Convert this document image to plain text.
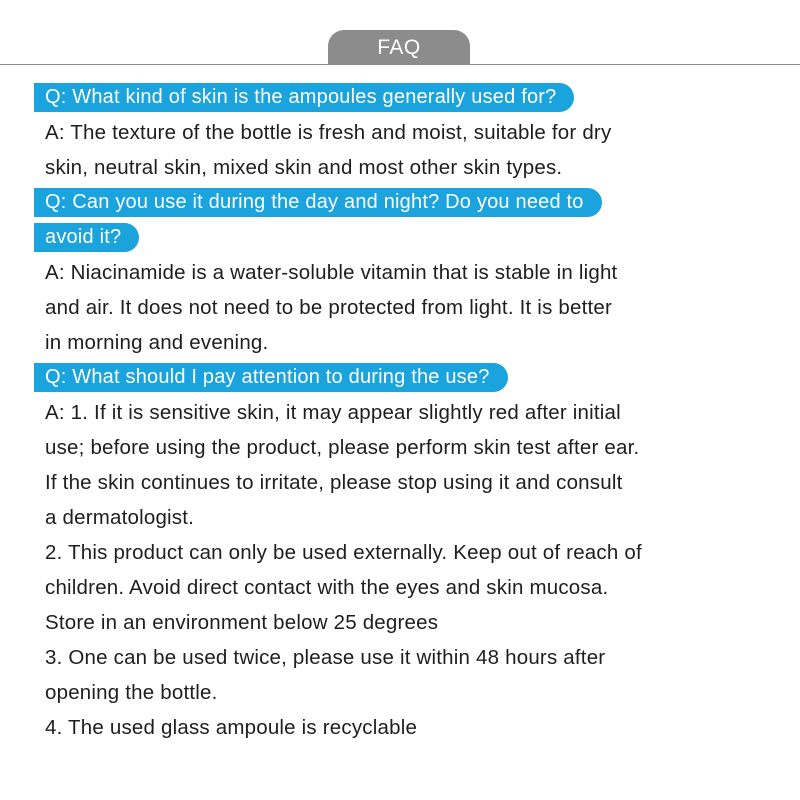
FAQ
Q: What kind of skin is the ampoules generally used for?
A: The texture of the bottle is fresh and moist, suitable for dry
skin, neutral skin, mixed skin and most other skin types.
Q: Can you use it during the day and night? Do you need to
avoid it?
A: Niacinamide is a water-soluble vitamin that is stable in light
and air. It does not need to be protected from light. It is better
in morning and evening.
Q: What should I pay attention to during the use?
A: 1. If it is sensitive skin, it may appear slightly red after initial
use; before using the product, please perform skin test after ear.
If the skin continues to irritate, please stop using it and consult
a dermatologist.
2. This product can only be used externally. Keep out of reach of
children. Avoid direct contact with the eyes and skin mucosa.
Store in an environment below 25 degrees
3. One can be used twice, please use it within 48 hours after
opening the bottle.
4. The used glass ampoule is recyclable
